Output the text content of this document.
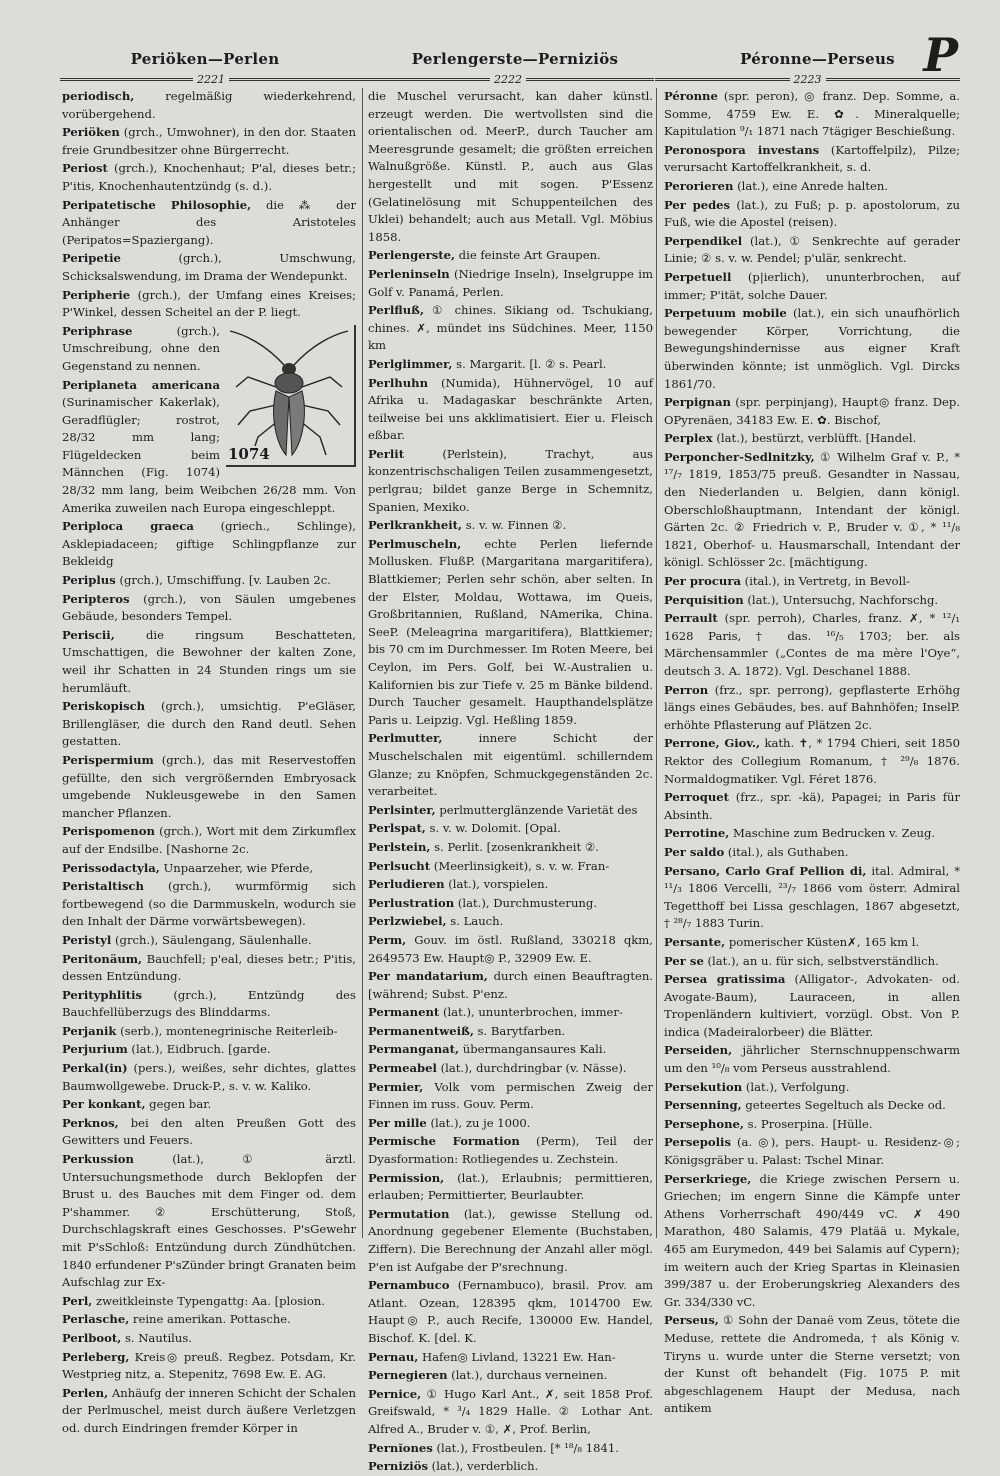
Periöken—Perlen	Perlengerste—Perniziös	Péronne—Perseus P
2221	2222	2223
periodisch, regelmäßig wiederkehrend, vorübergehend.
Periöken (grch., Umwohner), in den dor. Staaten freie Grundbesitzer ohne Bürgerrecht.
Periost (grch.), Knochenhaut; P'al, dieses betr.; P'itis, Knochenhautentzündg (s. d.).
Peripatetische Philosophie, die ⁂ der Anhänger des Aristoteles (Peripatos=Spaziergang).
Peripetie (grch.), Umschwung, Schicksalswendung, im Drama der Wendepunkt.
Peripherie (grch.), der Umfang eines Kreises; P'Winkel, dessen Scheitel an der P. liegt.
1074
Periphrase (grch.), Umschreibung, ohne den Gegenstand zu nennen.
Periplaneta americana (Surinamischer Kakerlak), Geradflügler; rostrot, 28/32 mm lang; Flügeldecken beim Männchen (Fig. 1074) 28/32 mm lang, beim Weibchen 26/28 mm. Von Amerika zuweilen nach Europa eingeschleppt.
Periploca graeca (griech., Schlinge), Asklepiadaceen; giftige Schlingpflanze zur Bekleidg
Periplus (grch.), Umschiffung. [v. Lauben 2c.
Peripteros (grch.), von Säulen umgebenes Gebäude, besonders Tempel.
Periscii, die ringsum Beschatteten, Umschattigen, die Bewohner der kalten Zone, weil ihr Schatten in 24 Stunden rings um sie herumläuft.
Periskopisch (grch.), umsichtig. P'eGläser, Brillengläser, die durch den Rand deutl. Sehen gestatten.
Perispermium (grch.), das mit Reservestoffen gefüllte, den sich vergrößernden Embryosack umgebende Nukleusgewebe in den Samen mancher Pflanzen.
Perispomenon (grch.), Wort mit dem Zirkumflex auf der Endsilbe. [Nashorne 2c.
Perissodactyla, Unpaarzeher, wie Pferde,
Peristaltisch (grch.), wurmförmig sich fortbewegend (so die Darmmuskeln, wodurch sie den Inhalt der Därme vorwärtsbewegen).
Peristyl (grch.), Säulengang, Säulenhalle.
Peritonäum, Bauchfell; p'eal, dieses betr.; P'itis, dessen Entzündung.
Perityphlitis (grch.), Entzündg des Bauchfellüberzugs des Blinddarms.
Perjanik (serb.), montenegrinische Reiterleib-
Perjurium (lat.), Eidbruch. [garde.
Perkal(in) (pers.), weißes, sehr dichtes, glattes Baumwollgewebe. Druck-P., s. v. w. Kaliko.
Per konkant, gegen bar.
Perknos, bei den alten Preußen Gott des Gewitters und Feuers.
Perkussion (lat.), ① ärztl. Untersuchungsmethode durch Beklopfen der Brust u. des Bauches mit dem Finger od. dem P'shammer. ② Erschütterung, Stoß, Durchschlagskraft eines Geschosses. P'sGewehr mit P'sSchloß: Entzündung durch Zündhütchen. 1840 erfundener P'sZünder bringt Granaten beim Aufschlag zur Ex-
Perl, zweitkleinste Typengattg: Aa. [plosion.
Perlasche, reine amerikan. Pottasche.
Perlboot, s. Nautilus.
Perleberg, Kreis◎ preuß. Regbez. Potsdam, Kr. Westprieg nitz, a. Stepenitz, 7698 Ew. E. AG.
Perlen, Anhäufg der inneren Schicht der Schalen der Perlmuschel, meist durch äußere Verletzgen od. durch Eindringen fremder Körper in
die Muschel verursacht, kan daher künstl. erzeugt werden. Die wertvollsten sind die orientalischen od. MeerP., durch Taucher am Meeresgrunde gesamelt; die größten erreichen Walnußgröße. Künstl. P., auch aus Glas hergestellt und mit sogen. P'Essenz (Gelatinelösung mit Schuppenteilchen des Uklei) behandelt; auch aus Metall. Vgl. Möbius 1858.
Perlengerste, die feinste Art Graupen.
Perleninseln (Niedrige Inseln), Inselgruppe im Golf v. Panamá, Perlen.
Perlfluß, ① chines. Sikiang od. Tschukiang, chines. ✗, mündet ins Südchines. Meer, 1150 km
Perlglimmer, s. Margarit. [l. ② s. Pearl.
Perlhuhn (Numida), Hühnervögel, 10 auf Afrika u. Madagaskar beschränkte Arten, teilweise bei uns akklimatisiert. Eier u. Fleisch eßbar.
Perlit (Perlstein), Trachyt, aus konzentrischschaligen Teilen zusammengesetzt, perlgrau; bildet ganze Berge in Schemnitz, Spanien, Mexiko.
Perlkrankheit, s. v. w. Finnen ②.
Perlmuscheln, echte Perlen liefernde Mollusken. FlußP. (Margaritana margaritifera), Blattkiemer; Perlen sehr schön, aber selten. In der Elster, Moldau, Wottawa, im Queis, Großbritannien, Rußland, NAmerika, China. SeeP. (Meleagrina margaritifera), Blattkiemer; bis 70 cm im Durchmesser. Im Roten Meere, bei Ceylon, im Pers. Golf, bei W.-Australien u. Kalifornien bis zur Tiefe v. 25 m Bänke bildend. Durch Taucher gesamelt. Haupthandelsplätze Paris u. Leipzig. Vgl. Heßling 1859.
Perlmutter, innere Schicht der Muschelschalen mit eigentüml. schillerndem Glanze; zu Knöpfen, Schmuckgegenständen 2c. verarbeitet.
Perlsinter, perlmutterglänzende Varietät des
Perlspat, s. v. w. Dolomit. [Opal.
Perlstein, s. Perlit. [zosenkrankheit ②.
Perlsucht (Meerlinsigkeit), s. v. w. Fran-
Perludieren (lat.), vorspielen.
Perlustration (lat.), Durchmusterung.
Perlzwiebel, s. Lauch.
Perm, Gouv. im östl. Rußland, 330218 qkm, 2649573 Ew. Haupt◎ P., 32909 Ew. E.
Per mandatarium, durch einen Beauftragten. [während; Subst. P'enz.
Permanent (lat.), ununterbrochen, immer-
Permanentweiß, s. Barytfarben.
Permanganat, übermangansaures Kali.
Permeabel (lat.), durchdringbar (v. Nässe).
Permier, Volk vom permischen Zweig der Finnen im russ. Gouv. Perm.
Per mille (lat.), zu je 1000.
Permische Formation (Perm), Teil der Dyasformation: Rotliegendes u. Zechstein.
Permission, (lat.), Erlaubnis; permittieren, erlauben; Permittierter, Beurlaubter.
Permutation (lat.), gewisse Stellung od. Anordnung gegebener Elemente (Buchstaben, Ziffern). Die Berechnung der Anzahl aller mögl. P'en ist Aufgabe der P'srechnung.
Pernambuco (Fernambuco), brasil. Prov. am Atlant. Ozean, 128395 qkm, 1014700 Ew. Haupt◎ P., auch Recife, 130000 Ew. Handel, Bischof. K. [del. K.
Pernau, Hafen◎ Livland, 13221 Ew. Han-
Pernegieren (lat.), durchaus verneinen.
Pernice, ① Hugo Karl Ant., ✗, seit 1858 Prof. Greifswald, * ³/₄ 1829 Halle. ② Lothar Ant. Alfred A., Bruder v. ①, ✗, Prof. Berlin,
Pernĭones (lat.), Frostbeulen. [* ¹⁸/₈ 1841.
Perniziös (lat.), verderblich.
Péronne (spr. peron), ◎ franz. Dep. Somme, a. Somme, 4759 Ew. E. ✿. Mineralquelle; Kapitulation ⁹/₁ 1871 nach 7tägiger Beschießung.
Peronospora investans (Kartoffelpilz), Pilze; verursacht Kartoffelkrankheit, s. d.
Perorieren (lat.), eine Anrede halten.
Per pedes (lat.), zu Fuß; p. p. apostolorum, zu Fuß, wie die Apostel (reisen).
Perpendikel (lat.), ① Senkrechte auf gerader Linie; ② s. v. w. Pendel; p'ulär, senkrecht.
Perpetuell (p|ierlich), ununterbrochen, auf immer; P'ität, solche Dauer.
Perpetuum mobile (lat.), ein sich unaufhörlich bewegender Körper, Vorrichtung, die Bewegungshindernisse aus eigner Kraft überwinden könnte; ist unmöglich. Vgl. Dircks 1861/70.
Perpignan (spr. perpinjang), Haupt◎ franz. Dep. OPyrenäen, 34183 Ew. E. ✿. Bischof,
Perplex (lat.), bestürzt, verblüfft. [Handel.
Perponcher-Sedlnitzky, ① Wilhelm Graf v. P., * ¹⁷/₇ 1819, 1853/75 preuß. Gesandter in Nassau, den Niederlanden u. Belgien, dann königl. Oberschloßhauptmann, Intendant der königl. Gärten 2c. ② Friedrich v. P., Bruder v. ①, * ¹¹/₈ 1821, Oberhof- u. Hausmarschall, Intendant der königl. Schlösser 2c. [mächtigung.
Per procura (ital.), in Vertretg, in Bevoll-
Perquisition (lat.), Untersuchg, Nachforschg.
Perrault (spr. perroh), Charles, franz. ✗, * ¹²/₁ 1628 Paris, † das. ¹⁶/₅ 1703; ber. als Märchensammler („Contes de ma mère l'Oye“, deutsch 3. A. 1872). Vgl. Deschanel 1888.
Perron (frz., spr. perrong), gepflasterte Erhöhg längs eines Gebäudes, bes. auf Bahnhöfen; InselP. erhöhte Pflasterung auf Plätzen 2c.
Perrone, Giov., kath. ✝, * 1794 Chieri, seit 1850 Rektor des Collegium Romanum, † ²⁹/₈ 1876. Normaldogmatiker. Vgl. Féret 1876.
Perroquet (frz., spr. -kä), Papagei; in Paris für Absinth.
Perrotine, Maschine zum Bedrucken v. Zeug.
Per saldo (ital.), als Guthaben.
Persano, Carlo Graf Pellion di, ital. Admiral, * ¹¹/₃ 1806 Vercelli, ²³/₇ 1866 vom österr. Admiral Tegetthoff bei Lissa geschlagen, 1867 abgesetzt, † ²⁸/₇ 1883 Turin.
Persante, pomerischer Küsten✗, 165 km l.
Per se (lat.), an u. für sich, selbstverständlich.
Persea gratissima (Alligator-, Advokaten- od. Avogate-Baum), Lauraceen, in allen Tropenländern kultiviert, vorzügl. Obst. Von P. indica (Madeiralorbeer) die Blätter.
Perseiden, jährlicher Sternschnuppenschwarm um den ¹⁰/₈ vom Perseus ausstrahlend.
Persekution (lat.), Verfolgung.
Persenning, geteertes Segeltuch als Decke od.
Persephone, s. Proserpina. [Hülle.
Persepolis (a. ◎), pers. Haupt- u. Residenz-◎; Königsgräber u. Palast: Tschel Minar.
Perserkriege, die Kriege zwischen Persern u. Griechen; im engern Sinne die Kämpfe unter Athens Vorherrschaft 490/449 vC. ✗ 490 Marathon, 480 Salamis, 479 Platää u. Mykale, 465 am Eurymedon, 449 bei Salamis auf Cypern); im weitern auch der Krieg Spartas in Kleinasien 399/387 u. der Eroberungskrieg Alexanders des Gr. 334/330 vC.
Perseus, ① Sohn der Danaë vom Zeus, tötete die Meduse, rettete die Andromeda, † als König v. Tiryns u. wurde unter die Sterne versetzt; von der Kunst oft behandelt (Fig. 1075 P. mit abgeschlagenem Haupt der Medusa, nach antikem
